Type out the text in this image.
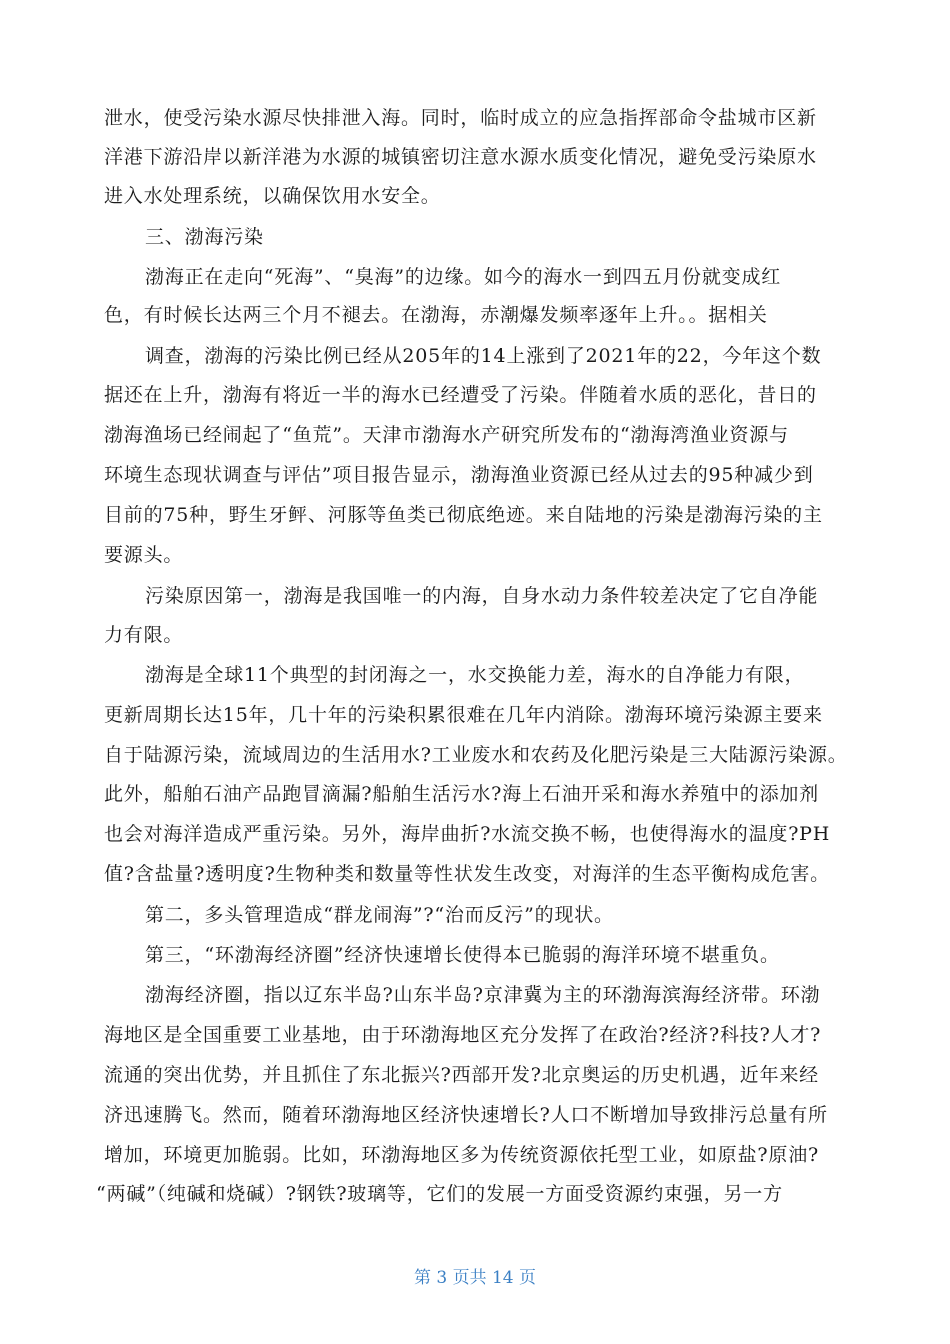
泄水，使受污染水源尽快排泄入海。同时，临时成立的应急指挥部命令盐城市区新
洋港下游沿岸以新洋港为水源的城镇密切注意水源水质变化情况，避免受污染原水
进入水处理系统，以确保饮用水安全。
三、渤海污染
渤海正在走向“死海”、“臭海”的边缘。如今的海水一到四五月份就变成红
色，有时候长达两三个月不褪去。在渤海，赤潮爆发频率逐年上升。。据相关
调查，渤海的污染比例已经从205年的14上涨到了2021年的22，今年这个数
据还在上升，渤海有将近一半的海水已经遭受了污染。伴随着水质的恶化，昔日的
渤海渔场已经闹起了“鱼荒”。天津市渤海水产研究所发布的“渤海湾渔业资源与
环境生态现状调查与评估”项目报告显示，渤海渔业资源已经从过去的95种减少到
目前的75种，野生牙鲆、河豚等鱼类已彻底绝迹。来自陆地的污染是渤海污染的主
要源头。
污染原因第一，渤海是我国唯一的内海，自身水动力条件较差决定了它自净能
力有限。
渤海是全球11个典型的封闭海之一，水交换能力差，海水的自净能力有限，
更新周期长达15年，几十年的污染积累很难在几年内消除。渤海环境污染源主要来
自于陆源污染，流域周边的生活用水?工业废水和农药及化肥污染是三大陆源污染源。
此外，船舶石油产品跑冒滴漏?船舶生活污水?海上石油开采和海水养殖中的添加剂
也会对海洋造成严重污染。另外，海岸曲折?水流交换不畅，也使得海水的温度?PH
值?含盐量?透明度?生物种类和数量等性状发生改变，对海洋的生态平衡构成危害。
第二，多头管理造成“群龙闹海”?“治而反污”的现状。
第三，“环渤海经济圈”经济快速增长使得本已脆弱的海洋环境不堪重负。
渤海经济圈，指以辽东半岛?山东半岛?京津冀为主的环渤海滨海经济带。环渤
海地区是全国重要工业基地，由于环渤海地区充分发挥了在政治?经济?科技?人才?
流通的突出优势，并且抓住了东北振兴?西部开发?北京奥运的历史机遇，近年来经
济迅速腾飞。然而，随着环渤海地区经济快速增长?人口不断增加导致排污总量有所
增加，环境更加脆弱。比如，环渤海地区多为传统资源依托型工业，如原盐?原油?
“两碱”（纯碱和烧碱）?钢铁?玻璃等，它们的发展一方面受资源约束强，另一方
第 3 页共 14 页
